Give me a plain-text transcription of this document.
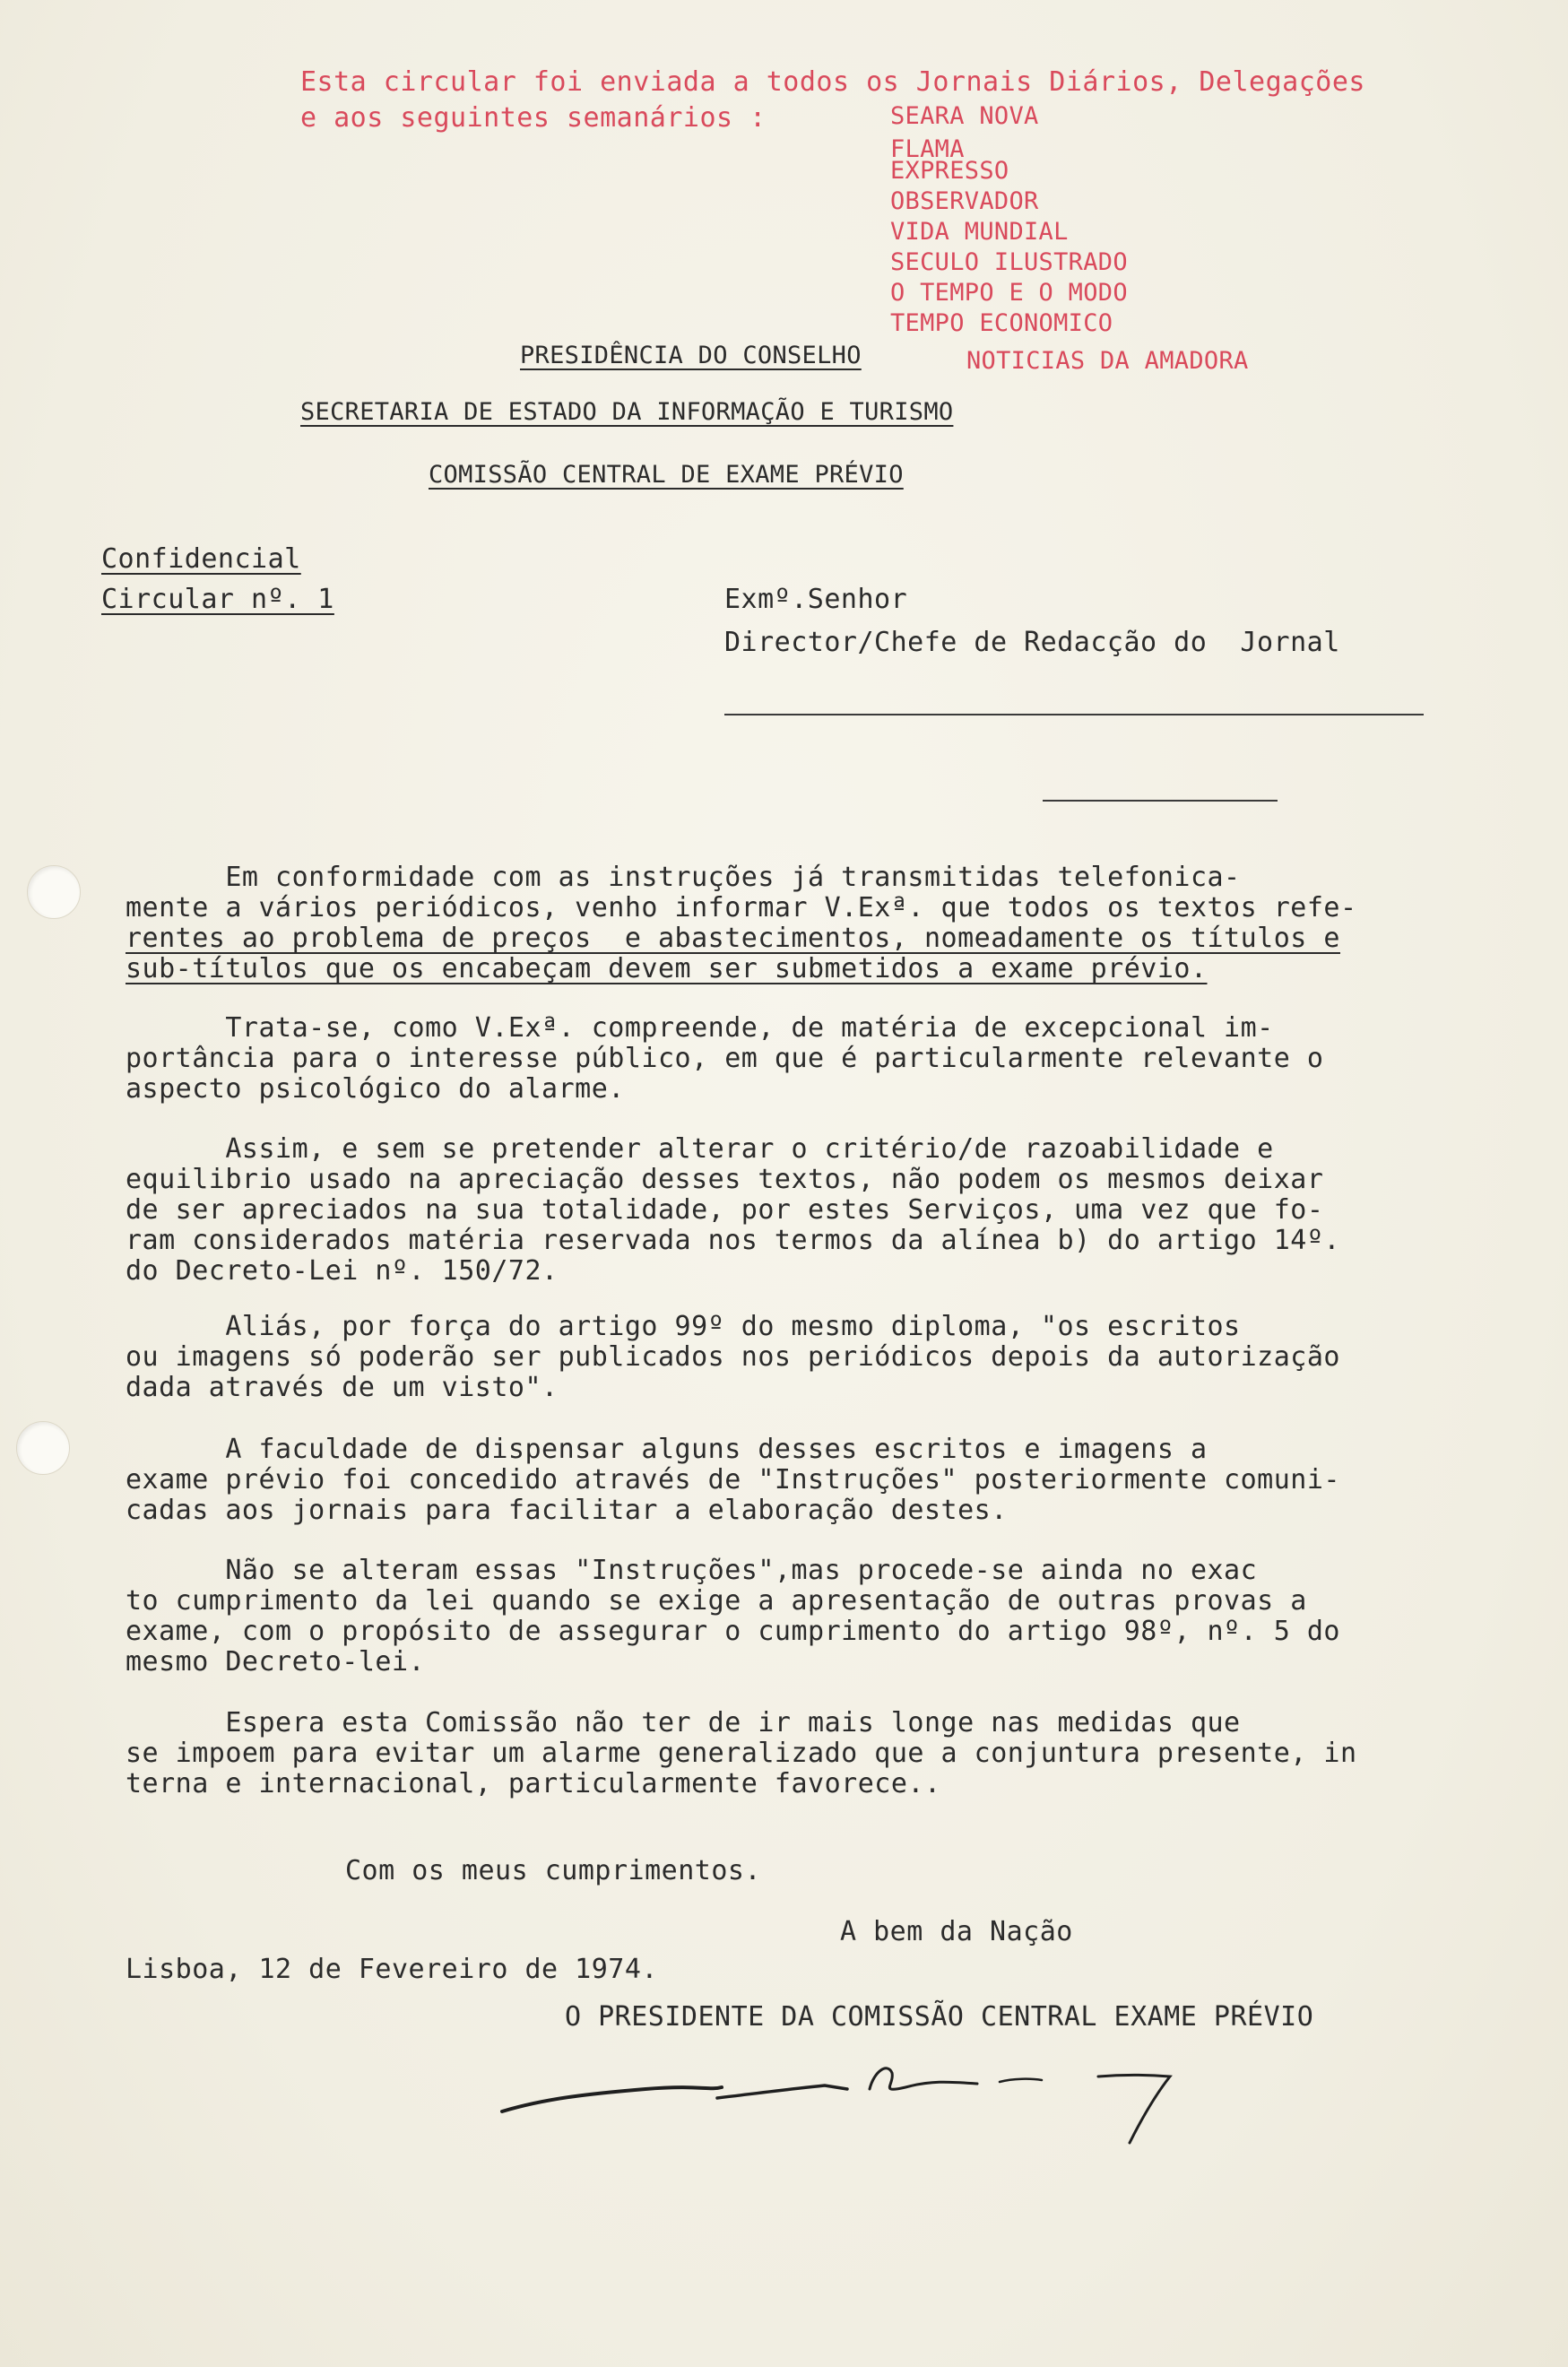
Esta circular foi enviada a todos os Jornais Diários, Delegações
e aos seguintes semanários :	SEARA NOVA
FLAMA
EXPRESSO
OBSERVADOR
VIDA MUNDIAL
SECULO ILUSTRADO
O TEMPO E O MODO
TEMPO ECONOMICO
NOTICIAS DA AMADORA
PRESIDÊNCIA DO CONSELHO
SECRETARIA DE ESTADO DA INFORMAÇÃO E TURISMO
COMISSÃO CENTRAL DE EXAME PRÉVIO
Confidencial
Circular nº. 1	Exmº.Senhor
Director/Chefe de Redacção do  Jornal
Em conformidade com as instruções já transmitidas telefonica-
mente a vários periódicos, venho informar V.Exª. que todos os textos refe-
rentes ao problema de preços  e abastecimentos, nomeadamente os títulos e
sub-títulos que os encabeçam devem ser submetidos a exame prévio.
Trata-se, como V.Exª. compreende, de matéria de excepcional im-
portância para o interesse público, em que é particularmente relevante o
aspecto psicológico do alarme.
Assim, e sem se pretender alterar o critério/de razoabilidade e
equilibrio usado na apreciação desses textos, não podem os mesmos deixar
de ser apreciados na sua totalidade, por estes Serviços, uma vez que fo-
ram considerados matéria reservada nos termos da alínea b) do artigo 14º.
do Decreto-Lei nº. 150/72.
Aliás, por força do artigo 99º do mesmo diploma, "os escritos
ou imagens só poderão ser publicados nos periódicos depois da autorização
dada através de um visto".
A faculdade de dispensar alguns desses escritos e imagens a
exame prévio foi concedido através de "Instruções" posteriormente comuni-
cadas aos jornais para facilitar a elaboração destes.
Não se alteram essas "Instruções",mas procede-se ainda no exac
to cumprimento da lei quando se exige a apresentação de outras provas a
exame, com o propósito de assegurar o cumprimento do artigo 98º, nº. 5 do
mesmo Decreto-lei.
Espera esta Comissão não ter de ir mais longe nas medidas que
se impoem para evitar um alarme generalizado que a conjuntura presente, in
terna e internacional, particularmente favorece..
Com os meus cumprimentos.
A bem da Nação
Lisboa, 12 de Fevereiro de 1974.
O PRESIDENTE DA COMISSÃO CENTRAL EXAME PRÉVIO
